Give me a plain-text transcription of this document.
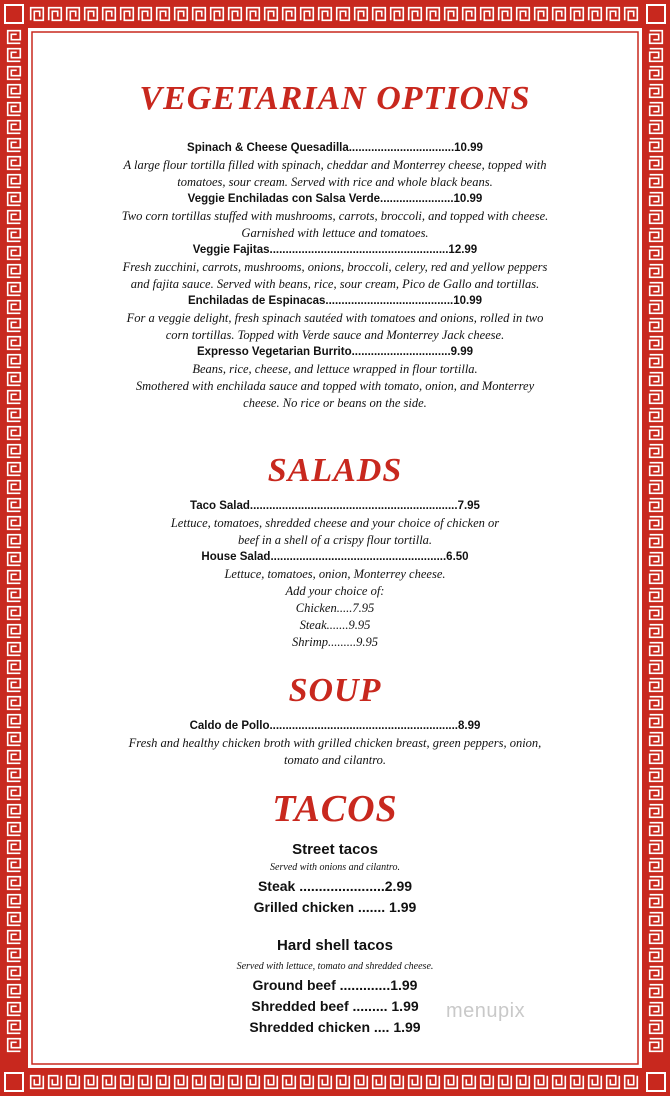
VEGETARIAN OPTIONS
Spinach & Cheese Quesadilla.................................10.99
A large flour tortilla filled with spinach, cheddar and Monterrey cheese, topped with
tomatoes, sour cream. Served with rice and whole black beans.
Veggie Enchiladas con Salsa Verde.......................10.99
Two corn tortillas stuffed with mushrooms, carrots, broccoli, and topped with cheese.
Garnished with lettuce and tomatoes.
Veggie Fajitas........................................................12.99
Fresh zucchini, carrots, mushrooms, onions, broccoli, celery, red and yellow peppers
and fajita sauce. Served with beans, rice, sour cream, Pico de Gallo and tortillas.
Enchiladas de Espinacas........................................10.99
For a veggie delight, fresh spinach sautéed with tomatoes and onions, rolled in two
corn tortillas. Topped with Verde sauce and Monterrey Jack cheese.
Expresso Vegetarian Burrito...............................9.99
Beans, rice, cheese, and lettuce wrapped in flour tortilla.
Smothered with enchilada sauce and topped with tomato, onion, and Monterrey
cheese. No rice or beans on the side.
SALADS
Taco Salad.................................................................7.95
Lettuce, tomatoes, shredded cheese and your choice of chicken or
beef in a shell of a crispy flour tortilla.
House Salad.......................................................6.50
Lettuce, tomatoes, onion, Monterrey cheese.
Add your choice of:
Chicken.....7.95
Steak.......9.95
Shrimp.........9.95
SOUP
Caldo de Pollo...........................................................8.99
Fresh and healthy chicken broth with grilled chicken breast, green peppers, onion,
tomato and cilantro.
TACOS
Street tacos
Served with onions and cilantro.
Steak ......................2.99
Grilled chicken ....... 1.99
Hard shell tacos
Served with lettuce, tomato and shredded cheese.
Ground beef .............1.99
Shredded beef ......... 1.99
Shredded chicken .... 1.99
menupix
